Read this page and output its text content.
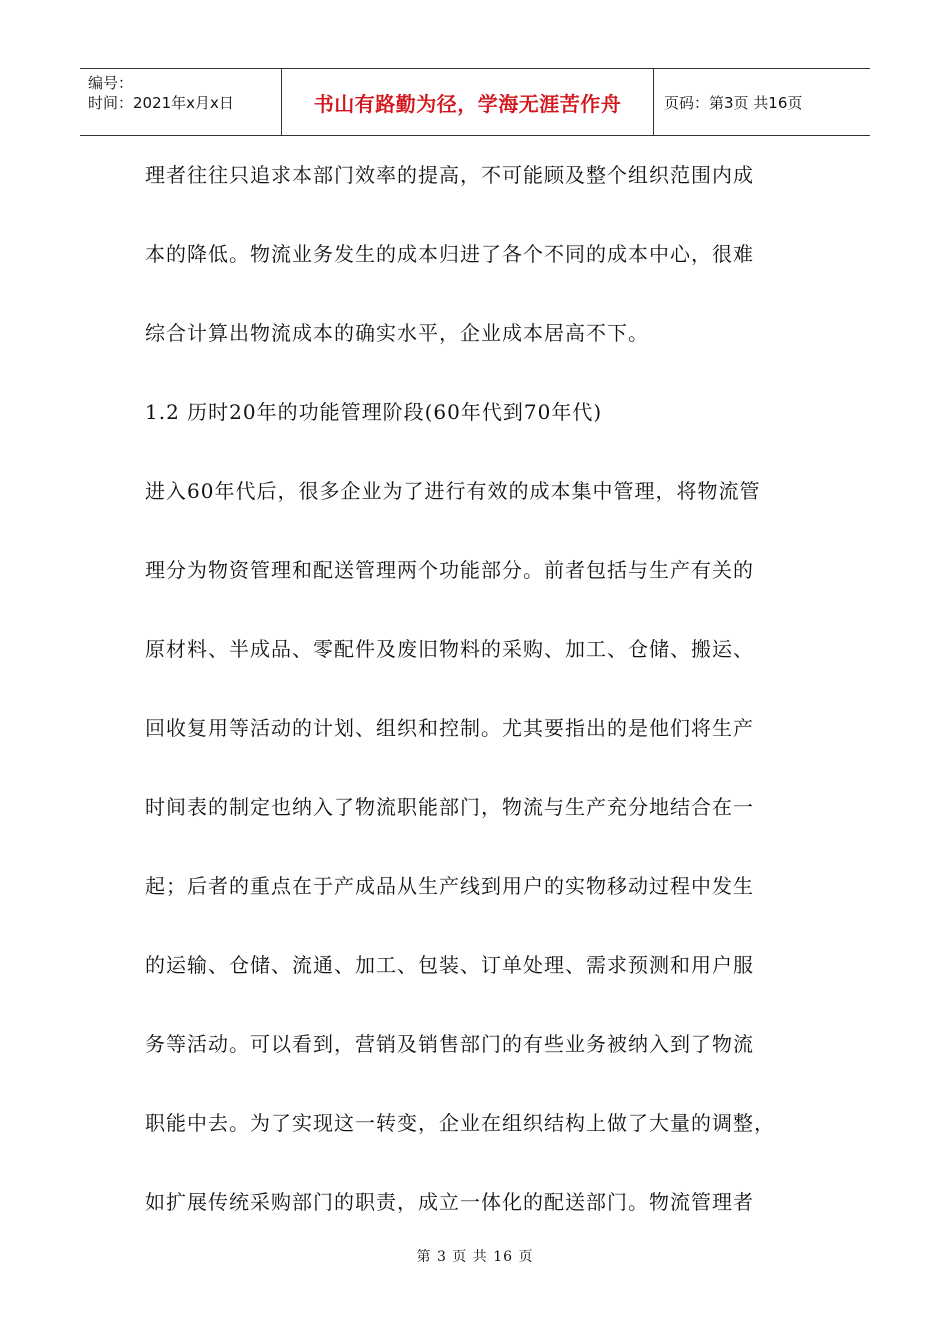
编号：
时间：2021年x月x日	书山有路勤为径，学海无涯苦作舟	页码：第3页 共16页
理者往往只追求本部门效率的提高，不可能顾及整个组织范围内成
本的降低。物流业务发生的成本归进了各个不同的成本中心，很难
综合计算出物流成本的确实水平，企业成本居高不下。
1.2 历时20年的功能管理阶段(60年代到70年代)
进入60年代后，很多企业为了进行有效的成本集中管理，将物流管
理分为物资管理和配送管理两个功能部分。前者包括与生产有关的
原材料、半成品、零配件及废旧物料的采购、加工、仓储、搬运、
回收复用等活动的计划、组织和控制。尤其要指出的是他们将生产
时间表的制定也纳入了物流职能部门，物流与生产充分地结合在一
起；后者的重点在于产成品从生产线到用户的实物移动过程中发生
的运输、仓储、流通、加工、包装、订单处理、需求预测和用户服
务等活动。可以看到，营销及销售部门的有些业务被纳入到了物流
职能中去。为了实现这一转变，企业在组织结构上做了大量的调整，
如扩展传统采购部门的职责，成立一体化的配送部门。物流管理者
第 3 页 共 16 页
